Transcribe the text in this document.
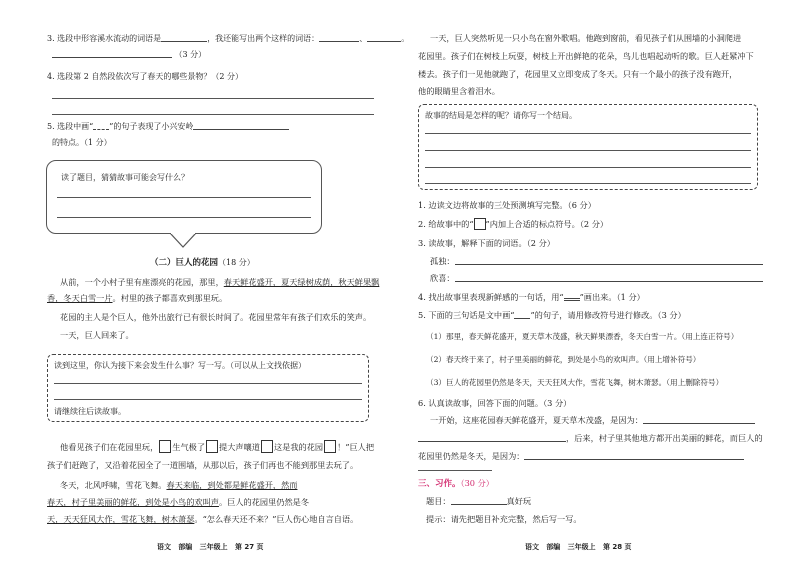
3. 选段中形容溪水流动的词语是	，我还能写出两个这样的词语：	、	。
（3 分）
4. 选段第 2 自然段依次写了春天的哪些景物？（2 分）
5. 选段中画“ ”的句子表现了小兴安岭
的特点。（1 分）
读了题目，猜猜故事可能会写什么？
（二）巨人的花园（18 分）
从前，一个小村子里有座漂亮的花园，那里，春天鲜花盛开，夏天绿树成荫，秋天鲜果飘
香，冬天白雪一片。村里的孩子都喜欢到那里玩。
花园的主人是个巨人，他外出旅行已有很长时间了。花园里常年有孩子们欢乐的笑声。
一天，巨人回来了。
读到这里，你认为接下来会发生什么事？写一写。（可以从上文找依据）
请继续往后读故事。
他看见孩子们在花园里玩， 生气极了 提大声嚷道 这是我的花园 ！”巨人把
孩子们赶跑了，又沿着花园全了一道围墙，从那以后，孩子们再也不能到那里去玩了。
冬天，北风呼啸，雪花飞舞。春天来临，到处都是鲜花盛开，然而
春天，村子里美丽的鲜花，到处是小鸟的欢叫声。巨人的花园里仍然是冬
天，天天狂风大作，雪花飞舞，树木萧瑟。“怎么春天还不来？”巨人伤心地自言自语。
语文 部编 三年级上 第 27 页
一天，巨人突然听见一只小鸟在窗外歌唱。他跑到窗前，看见孩子们从围墙的小洞爬进
花园里。孩子们在树枝上玩耍，树枝上开出鲜艳的花朵，鸟儿也唱起动听的歌。巨人赶紧冲下
楼去。孩子们一见他就跑了，花园里又立即变成了冬天。只有一个最小的孩子没有跑开，
他的眼睛里含着泪水。
故事的结局是怎样的呢？请你写一个结局。
1. 边读文边将故事的三处预测填写完整。（6 分）
2. 给故事中的“ ”内加上合适的标点符号。（2 分）
3. 读故事，解释下面的词语。（2 分）
孤独：
欣喜：
4. 找出故事里表现新鲜感的一句话，用“ ”画出来。（1 分）
5. 下面的三句话是文中画“ ”的句子，请用修改符号进行修改。（3 分）
（1）那里，春天鲜花盛开，夏天草木茂盛，秋天鲜果漂香，冬天白雪一片。（用上连正符号）
（2）春天终于来了，村子里美丽的鲜花，到处是小鸟的欢叫声。（用上增补符号）
（3）巨人的花园里仍然是冬天，天天狂风大作，雪花飞舞，树木萧瑟。（用上删除符号）
6. 认真读故事，回答下面的问题。（3 分）
一开始，这座花园春天鲜花盛开，夏天草木茂盛，是因为：
，后来，村子里其他地方都开出美丽的鲜花，而巨人的
花园里仍然是冬天，是因为：
三、习作。（30 分）
题目：	真好玩
提示：请先把题目补充完整，然后写一写。
语文 部编 三年级上 第 28 页
